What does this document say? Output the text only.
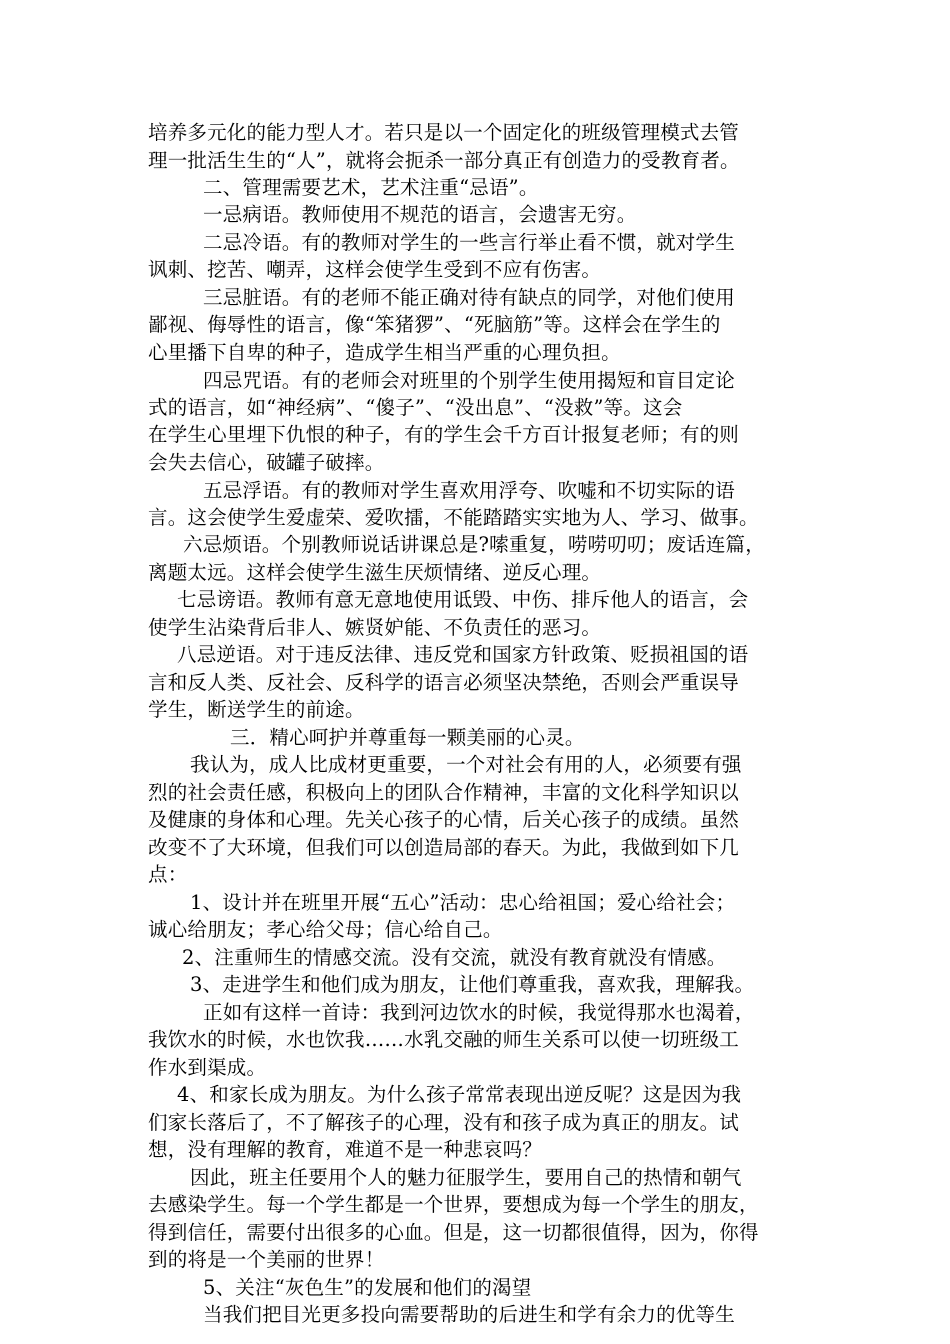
培养多元化的能力型人才。若只是以一个固定化的班级管理模式去管
理一批活生生的“人”，就将会扼杀一部分真正有创造力的受教育者。
二、管理需要艺术，艺术注重“忌语”。
一忌病语。教师使用不规范的语言，会遗害无穷。
二忌冷语。有的教师对学生的一些言行举止看不惯，就对学生
讽刺、挖苦、嘲弄，这样会使学生受到不应有伤害。
三忌脏语。有的老师不能正确对待有缺点的同学，对他们使用
鄙视、侮辱性的语言，像“笨猪猡”、“死脑筋”等。这样会在学生的
心里播下自卑的种子，造成学生相当严重的心理负担。
四忌咒语。有的老师会对班里的个别学生使用揭短和盲目定论
式的语言，如“神经病”、“傻子”、“没出息”、“没救”等。这会
在学生心里埋下仇恨的种子，有的学生会千方百计报复老师；有的则
会失去信心，破罐子破摔。
五忌浮语。有的教师对学生喜欢用浮夸、吹嘘和不切实际的语
言。这会使学生爱虚荣、爱吹擂，不能踏踏实实地为人、学习、做事。
六忌烦语。个别教师说话讲课总是?嗦重复，唠唠叨叨；废话连篇，
离题太远。这样会使学生滋生厌烦情绪、逆反心理。
七忌谤语。教师有意无意地使用诋毁、中伤、排斥他人的语言，会
使学生沾染背后非人、嫉贤妒能、不负责任的恶习。
八忌逆语。对于违反法律、违反党和国家方针政策、贬损祖国的语
言和反人类、反社会、反科学的语言必须坚决禁绝，否则会严重误导
学生，断送学生的前途。
三．精心呵护并尊重每一颗美丽的心灵。
我认为，成人比成材更重要，一个对社会有用的人，必须要有强
烈的社会责任感，积极向上的团队合作精神，丰富的文化科学知识以
及健康的身体和心理。先关心孩子的心情，后关心孩子的成绩。虽然
改变不了大环境，但我们可以创造局部的春天。为此，我做到如下几
点：
1、设计并在班里开展“五心”活动：忠心给祖国；爱心给社会；
诚心给朋友；孝心给父母；信心给自己。
2、注重师生的情感交流。没有交流，就没有教育就没有情感。
3、走进学生和他们成为朋友，让他们尊重我，喜欢我，理解我。
正如有这样一首诗：我到河边饮水的时候，我觉得那水也渴着，
我饮水的时候，水也饮我……水乳交融的师生关系可以使一切班级工
作水到渠成。
4、和家长成为朋友。为什么孩子常常表现出逆反呢？这是因为我
们家长落后了，不了解孩子的心理，没有和孩子成为真正的朋友。试
想，没有理解的教育，难道不是一种悲哀吗？
因此，班主任要用个人的魅力征服学生，要用自己的热情和朝气
去感染学生。每一个学生都是一个世界，要想成为每一个学生的朋友，
得到信任，需要付出很多的心血。但是，这一切都很值得，因为，你得
到的将是一个美丽的世界！
5、关注“灰色生”的发展和他们的渴望
当我们把目光更多投向需要帮助的后进生和学有余力的优等生
